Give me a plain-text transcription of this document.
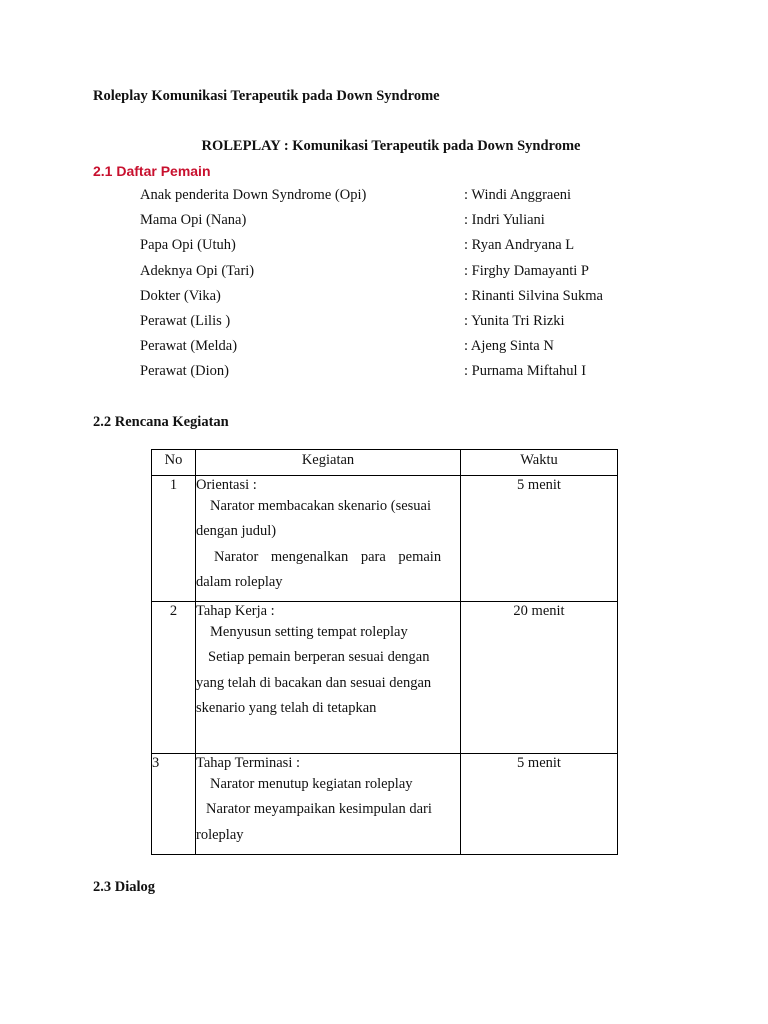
Roleplay Komunikasi Terapeutik pada Down Syndrome
ROLEPLAY : Komunikasi Terapeutik pada Down Syndrome
2.1 Daftar Pemain
Anak penderita Down Syndrome (Opi)	: Windi Anggraeni
Mama Opi (Nana)	: Indri Yuliani
Papa Opi (Utuh)	: Ryan Andryana L
Adeknya Opi (Tari)	: Firghy Damayanti P
Dokter (Vika)	: Rinanti Silvina Sukma
Perawat (Lilis )	: Yunita Tri Rizki
Perawat (Melda)	: Ajeng Sinta N
Perawat (Dion)	: Purnama Miftahul I
2.2 Rencana Kegiatan
No	Kegiatan	Waktu

1	Orientasi :
Narator membacakan skenario (sesuai
dengan judul)
Narator mengenalkan para pemain
dalam roleplay	5 menit
2	Tahap Kerja :
Menyusun setting tempat roleplay
Setiap pemain berperan sesuai dengan
yang telah di bacakan dan sesuai dengan
skenario yang telah di tetapkan	20 menit
3	Tahap Terminasi :
Narator menutup kegiatan roleplay
Narator meyampaikan kesimpulan dari
roleplay	5 menit
2.3 Dialog
